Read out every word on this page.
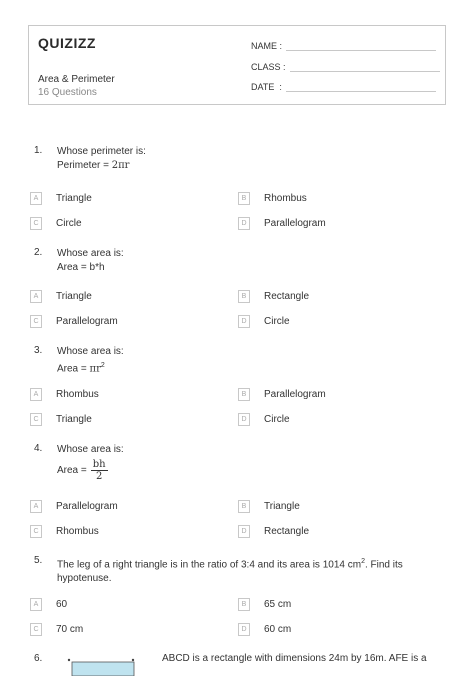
QUIZIZZ
Area & Perimeter
16 Questions
NAME :
CLASS :
DATE  :
1.	Whose perimeter is:
Perimeter = 2πr
A	Triangle	B	Rhombus
C	Circle	D	Parallelogram
2.	Whose area is:
Area = b*h
A	Triangle	B	Rectangle
C	Parallelogram	D	Circle
3.	Whose area is:
Area = $\pi r^2$
A	Rhombus	B	Parallelogram
C	Triangle	D	Circle
4.	Whose area is:
Area = $\frac{bh}{2}$
A	Parallelogram	B	Triangle
C	Rhombus	D	Rectangle
5.	The leg of a right triangle is in the ratio of 3:4 and its area is 1014 $cm^2$. Find its
hypotenuse.
A	60	B	65 cm
C	70 cm	D	60 cm
6.	ABCD is a rectangle with dimensions 24m by 16m. AFE is a
